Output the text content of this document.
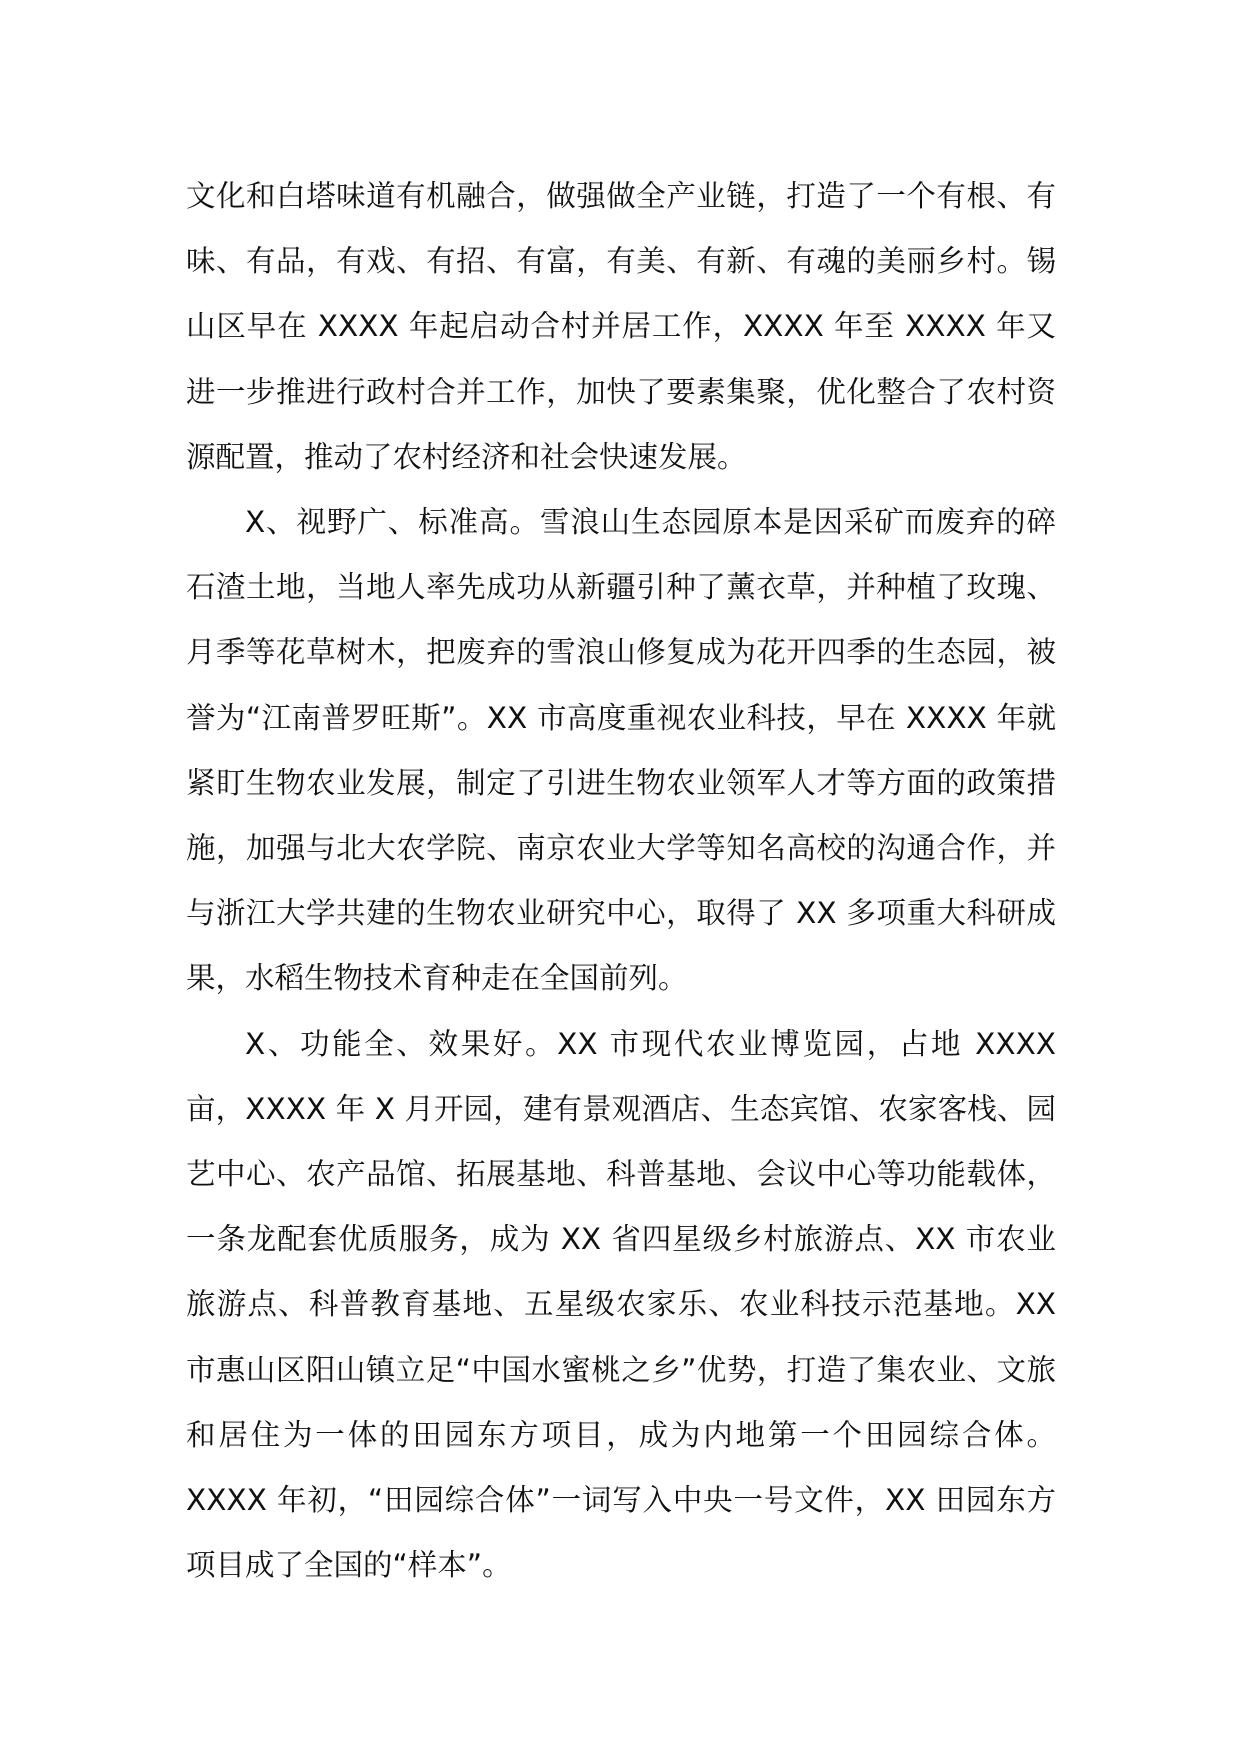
文化和白塔味道有机融合，做强做全产业链，打造了一个有根、有味、有品，有戏、有招、有富，有美、有新、有魂的美丽乡村。锡山区早在 XXXX 年起启动合村并居工作，XXXX 年至 XXXX 年又进一步推进行政村合并工作，加快了要素集聚，优化整合了农村资源配置，推动了农村经济和社会快速发展。

X、视野广、标准高。雪浪山生态园原本是因采矿而废弃的碎石渣土地，当地人率先成功从新疆引种了薰衣草，并种植了玫瑰、月季等花草树木，把废弃的雪浪山修复成为花开四季的生态园，被誉为“江南普罗旺斯”。XX 市高度重视农业科技，早在 XXXX 年就紧盯生物农业发展，制定了引进生物农业领军人才等方面的政策措施，加强与北大农学院、南京农业大学等知名高校的沟通合作，并与浙江大学共建的生物农业研究中心，取得了 XX 多项重大科研成果，水稻生物技术育种走在全国前列。

X、功能全、效果好。XX 市现代农业博览园，占地 XXXX 亩，XXXX 年 X 月开园，建有景观酒店、生态宾馆、农家客栈、园艺中心、农产品馆、拓展基地、科普基地、会议中心等功能载体，一条龙配套优质服务，成为 XX 省四星级乡村旅游点、XX 市农业旅游点、科普教育基地、五星级农家乐、农业科技示范基地。XX 市惠山区阳山镇立足“中国水蜜桃之乡”优势，打造了集农业、文旅和居住为一体的田园东方项目，成为内地第一个田园综合体。XXXX 年初，“田园综合体”一词写入中央一号文件，XX 田园东方项目成了全国的“样本”。
